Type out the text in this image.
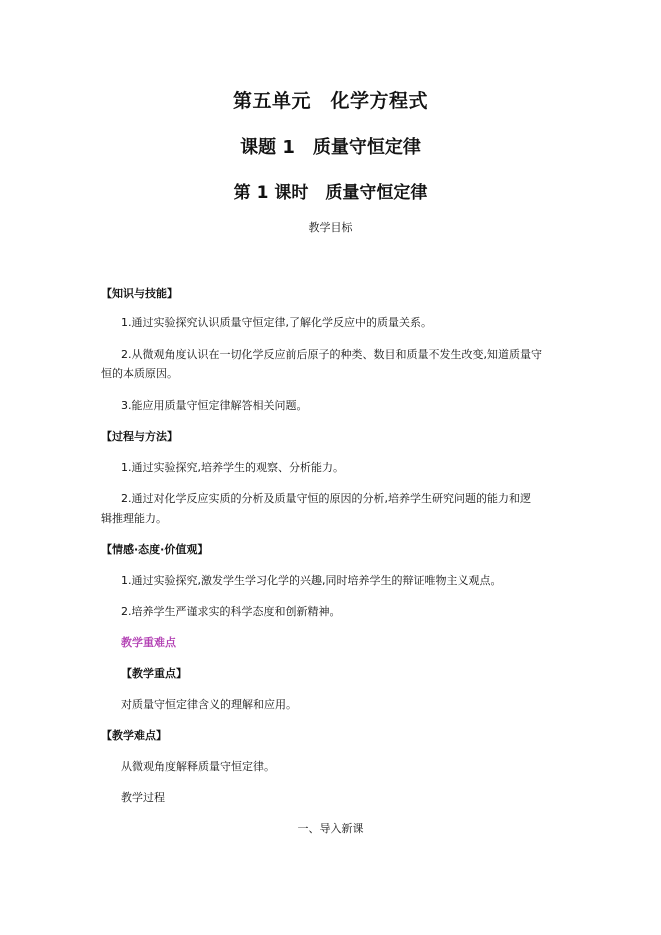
第五单元　化学方程式
课题 1　质量守恒定律
第 1 课时　质量守恒定律
教学目标
【知识与技能】
1.通过实验探究认识质量守恒定律,了解化学反应中的质量关系。
2.从微观角度认识在一切化学反应前后原子的种类、数目和质量不发生改变,知道质量守
恒的本质原因。
3.能应用质量守恒定律解答相关问题。
【过程与方法】
1.通过实验探究,培养学生的观察、分析能力。
2.通过对化学反应实质的分析及质量守恒的原因的分析,培养学生研究问题的能力和逻
辑推理能力。
【情感·态度·价值观】
1.通过实验探究,激发学生学习化学的兴趣,同时培养学生的辩证唯物主义观点。
2.培养学生严谨求实的科学态度和创新精神。
教学重难点
【教学重点】
对质量守恒定律含义的理解和应用。
【教学难点】
从微观角度解释质量守恒定律。
教学过程
一、导入新课
